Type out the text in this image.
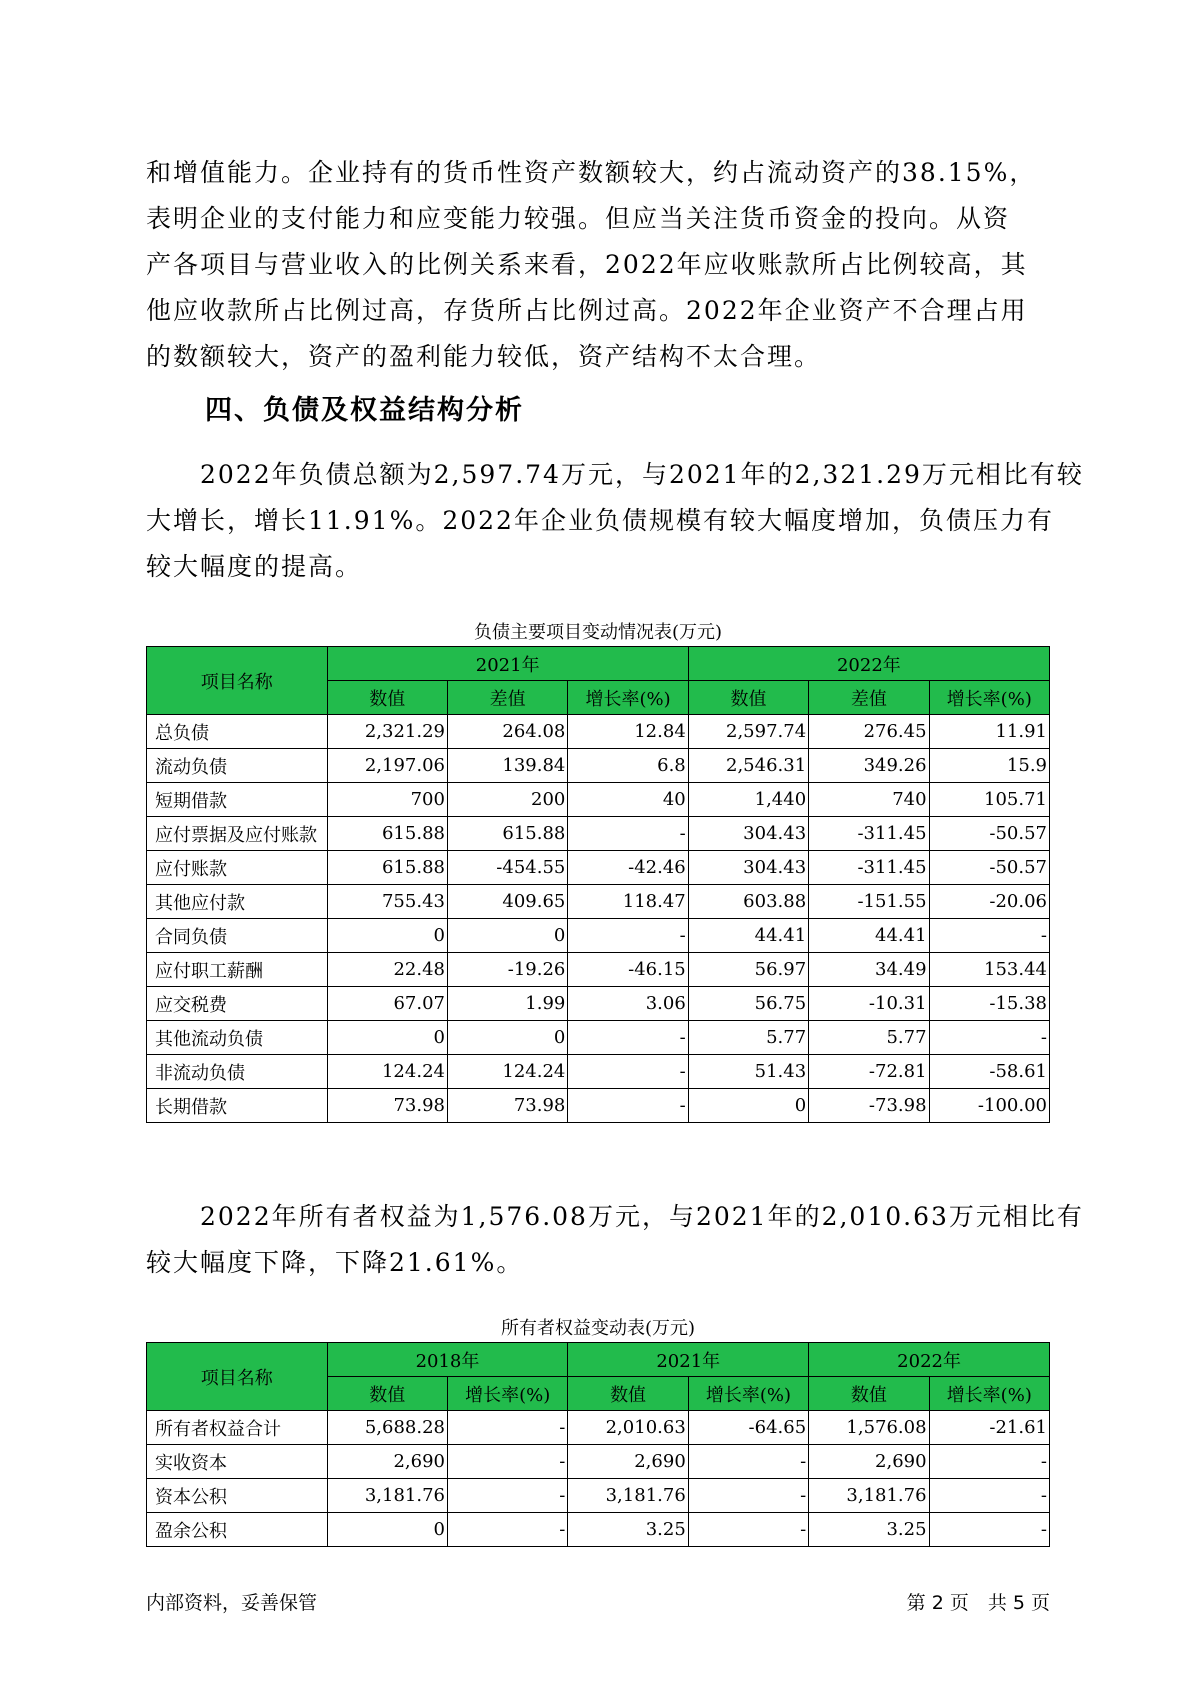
和增值能力。企业持有的货币性资产数额较大，约占流动资产的38.15%，
表明企业的支付能力和应变能力较强。但应当关注货币资金的投向。从资
产各项目与营业收入的比例关系来看，2022年应收账款所占比例较高，其
他应收款所占比例过高，存货所占比例过高。2022年企业资产不合理占用
的数额较大，资产的盈利能力较低，资产结构不太合理。
四、负债及权益结构分析
　　2022年负债总额为2,597.74万元，与2021年的2,321.29万元相比有较
大增长，增长11.91%。2022年企业负债规模有较大幅度增加，负债压力有
较大幅度的提高。

负债主要项目变动情况表(万元)

项目名称	2021年			2022年		
	数值	差值	增长率(%)	数值	差值	增长率(%)
总负债	2,321.29	264.08	12.84	2,597.74	276.45	11.91
流动负债	2,197.06	139.84	6.8	2,546.31	349.26	15.9
短期借款	700	200	40	1,440	740	105.71
应付票据及应付账款	615.88	615.88	-	304.43	-311.45	-50.57
应付账款	615.88	-454.55	-42.46	304.43	-311.45	-50.57
其他应付款	755.43	409.65	118.47	603.88	-151.55	-20.06
合同负债	0	0	-	44.41	44.41	-
应付职工薪酬	22.48	-19.26	-46.15	56.97	34.49	153.44
应交税费	67.07	1.99	3.06	56.75	-10.31	-15.38
其他流动负债	0	0	-	5.77	5.77	-
非流动负债	124.24	124.24	-	51.43	-72.81	-58.61
长期借款	73.98	73.98	-	0	-73.98	-100.00
　　2022年所有者权益为1,576.08万元，与2021年的2,010.63万元相比有
较大幅度下降，下降21.61%。

所有者权益变动表(万元)

项目名称	2018年		2021年		2022年	
	数值	增长率(%)	数值	增长率(%)	数值	增长率(%)
所有者权益合计	5,688.28	-	2,010.63	-64.65	1,576.08	-21.61
实收资本	2,690	-	2,690	-	2,690	-
资本公积	3,181.76	-	3,181.76	-	3,181.76	-
盈余公积	0	-	3.25	-	3.25	-

内部资料，妥善保管	第 2 页　共 5 页
